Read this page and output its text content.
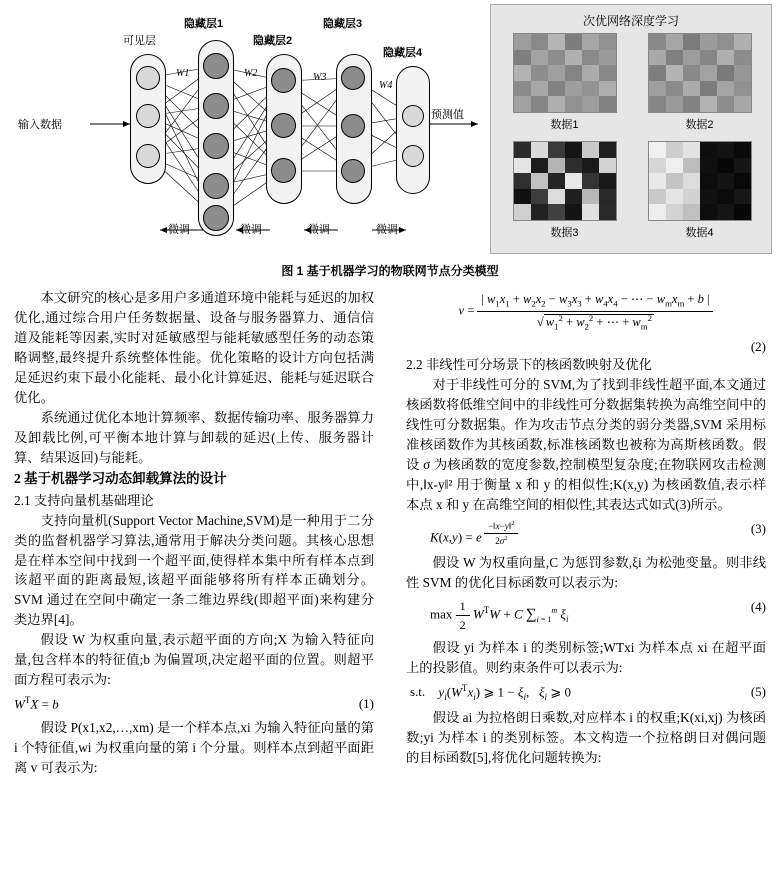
可见层
隐藏层1
隐藏层2
隐藏层3
隐藏层4
W1	W2	W3
W4
输入数据
预测值
微调	微调	微调	微调
次优网络深度学习
数据1	数据2
数据3	数据4
图 1 基于机器学习的物联网节点分类模型

本文研究的核心是多用户多通道环境中能耗与延迟的加权优化,通过综合用户任务数据量、设备与服务器算力、通信信道及能耗等因素,实时对延敏感型与能耗敏感型任务的动态策略调整,最终提升系统整体性能。优化策略的设计方向包括满足延迟约束下最小化能耗、最小化计算延迟、能耗与延迟联合优化。

系统通过优化本地计算频率、数据传输功率、服务器算力及卸载比例,可平衡本地计算与卸载的延迟(上传、服务器计算、结果返回)与能耗。

2 基于机器学习动态卸载算法的设计
2.1 支持向量机基础理论

支持向量机(Support Vector Machine,SVM)是一种用于二分类的监督机器学习算法,通常用于解决分类问题。其核心思想是在样本空间中找到一个超平面,使得样本集中所有样本点到该超平面的距离最短,该超平面能够将所有样本正确划分。SVM 通过在空间中确定一条二维边界线(即超平面)来构建分类边界[4]。

假设 W 为权重向量,表示超平面的方向;X 为输入特征向量,包含样本的特征值;b 为偏置项,决定超平面的位置。则超平面方程可表示为:

$W^TX = b$	(1)

假设 P(x1,x2,…,xm) 是一个样本点,xi 为输入特征向量的第 i 个特征值,wi 为权重向量的第 i 个分量。则样本点到超平面距离 v 可表示为:

$v = \frac{| w_1x_1 + w_2x_2 - w_3x_3 + w_4x_4 - \cdots - w_mx_m + b |}{√ w_1^2 + w_2^2 + \cdots + w_m^2}$
(2)
2.2 非线性可分场景下的核函数映射及优化

对于非线性可分的 SVM,为了找到非线性超平面,本文通过核函数将低维空间中的非线性可分数据集转换为高维空间中的线性可分数据集。作为攻击节点分类的弱分类器,SVM 采用标准核函数作为其核函数,标准核函数也被称为高斯核函数。假设 σ 为核函数的宽度参数,控制模型复杂度;在物联网攻击检测中,‖x-y‖² 用于衡量 x 和 y 的相似性;K(x,y) 为核函数值,表示样本点 x 和 y 在高维空间的相似性,其表达式如式(3)所示。

K(x,y) = e $^{\frac{-‖x-y‖^2}{2\sigma^2}}$	(3)

假设 W 为权重向量,C 为惩罚参数,ξi 为松弛变量。则非线性 SVM 的优化目标函数可以表示为:

$\max \frac{1}{2} W^TW + C$ $\sum_{i = 1}^m$ $\xi_i$
(4)

假设 yi 为样本 i 的类别标签;WTxi 为样本点 xi 在超平面上的投影值。则约束条件可以表示为:

s.t. $y_i(W^Tx_i)$ ⩾ $1 - \xi_i$,   $\xi_i$ ⩾ 0	(5)

假设 ai 为拉格朗日乘数,对应样本 i 的权重;K(xi,xj) 为核函数;yi 为样本 i 的类别标签。本文构造一个拉格朗日对偶问题的目标函数[5],将优化问题转换为:
